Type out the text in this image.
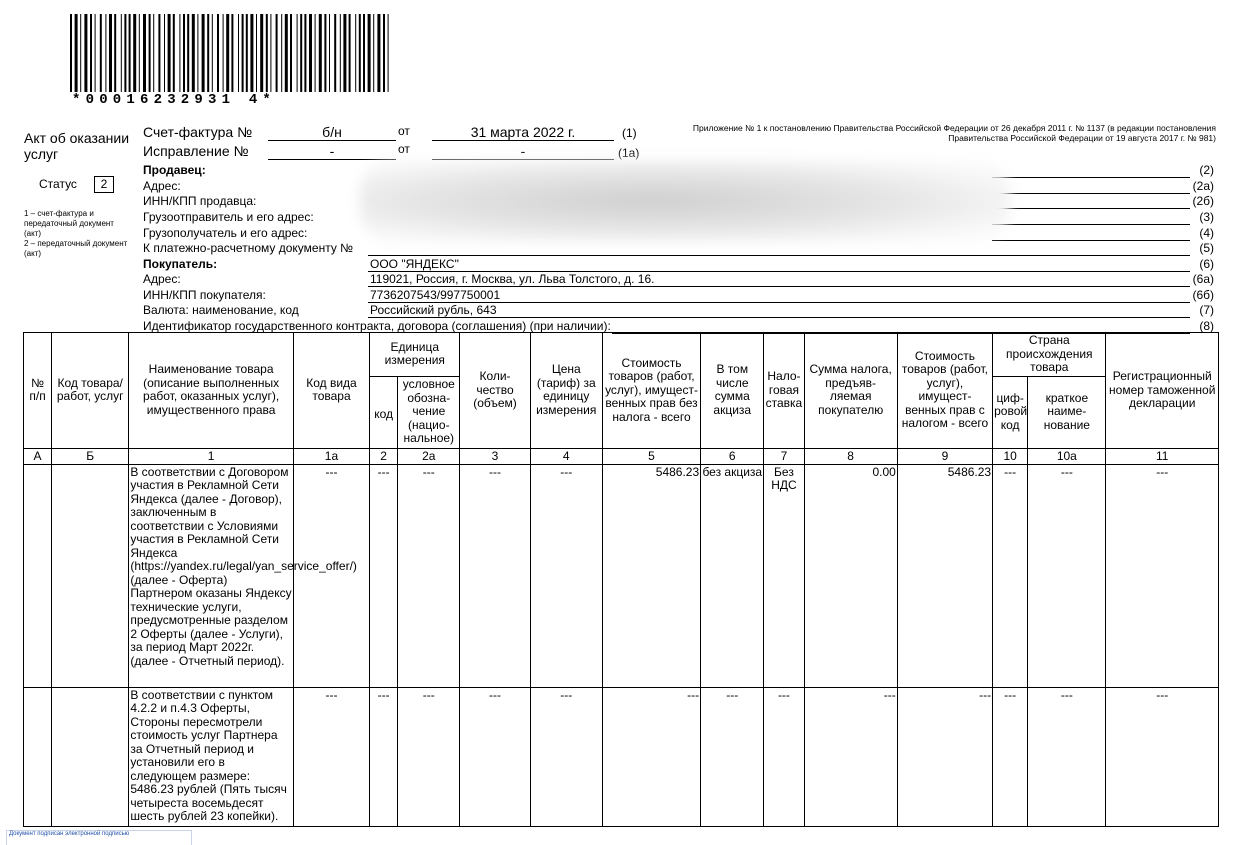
*00016232931 4*
Акт об оказании услуг
Статус	2
1 – счет-фактура и передаточный документ (акт)
2 – передаточный документ (акт)
Счет-фактура №	б/н	от	31 марта 2022 г.	(1)
Исправление №	-	от	-	(1а)
Приложение № 1 к постановлению Правительства Российской Федерации от 26 декабря 2011 г. № 1137 (в редакции постановления Правительства Российской Федерации от 19 августа 2017 г. № 981)
Продавец:	(2)
Адрес:	(2а)
ИНН/КПП продавца:	(2б)
Грузоотправитель и его адрес:	(3)
Грузополучатель и его адрес:	(4)
К платежно-расчетному документу №	(5)
Покупатель:	ООО "ЯНДЕКС"	(6)
Адрес:	119021, Россия, г. Москва, ул. Льва Толстого, д. 16.	(6а)
ИНН/КПП покупателя:	7736207543/997750001	(6б)
Валюта: наименование, код	Российский рубль, 643	(7)
Идентификатор государственного контракта, договора (соглашения) (при наличии):	(8)
№ п/п	Код товара/ работ, услуг	Наименование товара (описание выполненных работ, оказанных услуг), имущественного права	Код вида товара	Единица измерения		Коли-чество (объем)	Цена (тариф) за единицу измерения	Стоимость товаров (работ, услуг), имущест-венных прав без налога - всего	В том числе сумма акциза	Нало-говая ставка	Сумма налога, предъяв-ляемая покупателю	Стоимость товаров (работ, услуг), имущест-венных прав с налогом - всего	Страна происхождения товара		Регистрационный номер таможенной декларации
				код	условное обозна-чение (нацио-нальное)								циф-ровой код	краткое наиме-нование	
А	Б	1	1а	2	2а	3	4	5	6	7	8	9	10	10а	11
		В соответствии с Договором участия в Рекламной Сети Яндекса (далее - Договор), заключенным в соответствии с Условиями участия в Рекламной Сети Яндекса (https://yandex.ru/legal/yan_service_offer/) (далее - Оферта) Партнером оказаны Яндексу технические услуги, предусмотренные разделом 2 Оферты (далее - Услуги), за период Март 2022г. (далее - Отчетный период).	---	---	---	---	---	5486.23	без акциза	Без НДС	0.00	5486.23	---	---	---
		В соответствии с пунктом 4.2.2 и п.4.3 Оферты, Стороны пересмотрели стоимость услуг Партнера за Отчетный период и установили его в следующем размере: 5486.23 рублей (Пять тысяч четыреста восемьдесят шесть рублей 23 копейки).	---	---	---	---	---	---	---	---	---	---	---	---	---
Документ подписан электронной подписью
